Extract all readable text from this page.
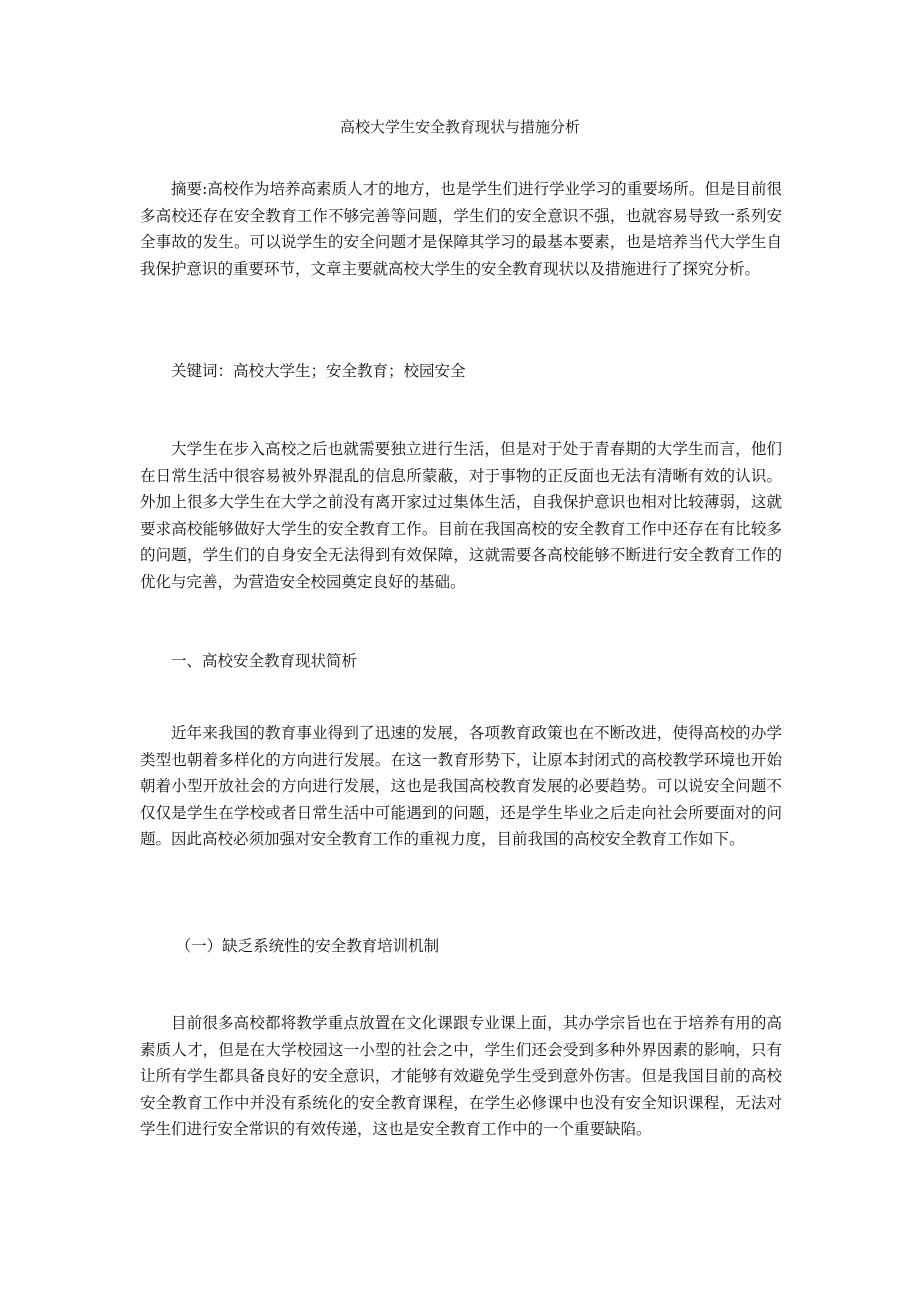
高校大学生安全教育现状与措施分析

摘要:高校作为培养高素质人才的地方，也是学生们进行学业学习的重要场所。但是目前很多高校还存在安全教育工作不够完善等问题，学生们的安全意识不强，也就容易导致一系列安全事故的发生。可以说学生的安全问题才是保障其学习的最基本要素，也是培养当代大学生自我保护意识的重要环节，文章主要就高校大学生的安全教育现状以及措施进行了探究分析。

关键词：高校大学生；安全教育；校园安全

大学生在步入高校之后也就需要独立进行生活，但是对于处于青春期的大学生而言，他们在日常生活中很容易被外界混乱的信息所蒙蔽，对于事物的正反面也无法有清晰有效的认识。外加上很多大学生在大学之前没有离开家过过集体生活，自我保护意识也相对比较薄弱，这就要求高校能够做好大学生的安全教育工作。目前在我国高校的安全教育工作中还存在有比较多的问题，学生们的自身安全无法得到有效保障，这就需要各高校能够不断进行安全教育工作的优化与完善，为营造安全校园奠定良好的基础。

一、高校安全教育现状简析

近年来我国的教育事业得到了迅速的发展，各项教育政策也在不断改进，使得高校的办学类型也朝着多样化的方向进行发展。在这一教育形势下，让原本封闭式的高校教学环境也开始朝着小型开放社会的方向进行发展，这也是我国高校教育发展的必要趋势。可以说安全问题不仅仅是学生在学校或者日常生活中可能遇到的问题，还是学生毕业之后走向社会所要面对的问题。因此高校必须加强对安全教育工作的重视力度，目前我国的高校安全教育工作如下。

（一）缺乏系统性的安全教育培训机制

目前很多高校都将教学重点放置在文化课跟专业课上面，其办学宗旨也在于培养有用的高素质人才，但是在大学校园这一小型的社会之中，学生们还会受到多种外界因素的影响，只有让所有学生都具备良好的安全意识，才能够有效避免学生受到意外伤害。但是我国目前的高校安全教育工作中并没有系统化的安全教育课程，在学生必修课中也没有安全知识课程，无法对学生们进行安全常识的有效传递，这也是安全教育工作中的一个重要缺陷。
